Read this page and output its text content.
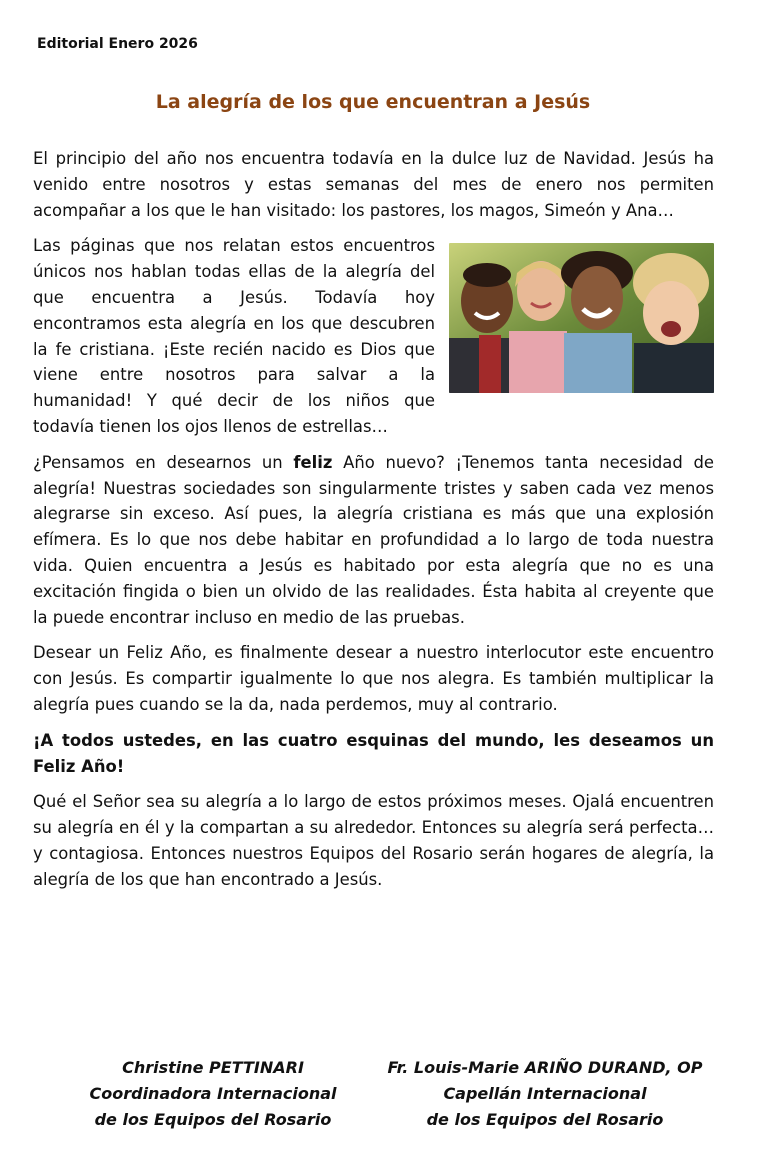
Editorial Enero 2026
La alegría de los que encuentran a Jesús

El principio del año nos encuentra todavía en la dulce luz de Navidad. Jesús ha venido entre nosotros y estas semanas del mes de enero nos permiten acompañar a los que le han visitado: los pastores, los magos, Simeón y Ana…

Las páginas que nos relatan estos encuentros únicos nos hablan todas ellas de la alegría del que encuentra a Jesús. Todavía hoy encontramos esta alegría en los que descubren la fe cristiana. ¡Este recién nacido es Dios que viene entre nosotros para salvar a la humanidad! Y qué decir de los niños que todavía tienen los ojos llenos de estrellas…

¿Pensamos en desearnos un feliz Año nuevo? ¡Tenemos tanta necesidad de alegría! Nuestras sociedades son singularmente tristes y saben cada vez menos alegrarse sin exceso. Así pues, la alegría cristiana es más que una explosión efímera. Es lo que nos debe habitar en profundidad a lo largo de toda nuestra vida. Quien encuentra a Jesús es habitado por esta alegría que no es una excitación fingida o bien un olvido de las realidades. Ésta habita al creyente que la puede encontrar incluso en medio de las pruebas.

Desear un Feliz Año, es finalmente desear a nuestro interlocutor este encuentro con Jesús. Es compartir igualmente lo que nos alegra. Es también multiplicar la alegría pues cuando se la da, nada perdemos, muy al contrario.

¡A todos ustedes, en las cuatro esquinas del mundo, les deseamos un Feliz Año!

Qué el Señor sea su alegría a lo largo de estos próximos meses. Ojalá encuentren su alegría en él y la compartan a su alrededor. Entonces su alegría será perfecta… y contagiosa. Entonces nuestros Equipos del Rosario serán hogares de alegría, la alegría de los que han encontrado a Jesús.

Christine PETTINARI
Coordinadora Internacional
de los Equipos del Rosario
Fr. Louis-Marie ARIÑO DURAND, OP
Capellán Internacional
de los Equipos del Rosario
